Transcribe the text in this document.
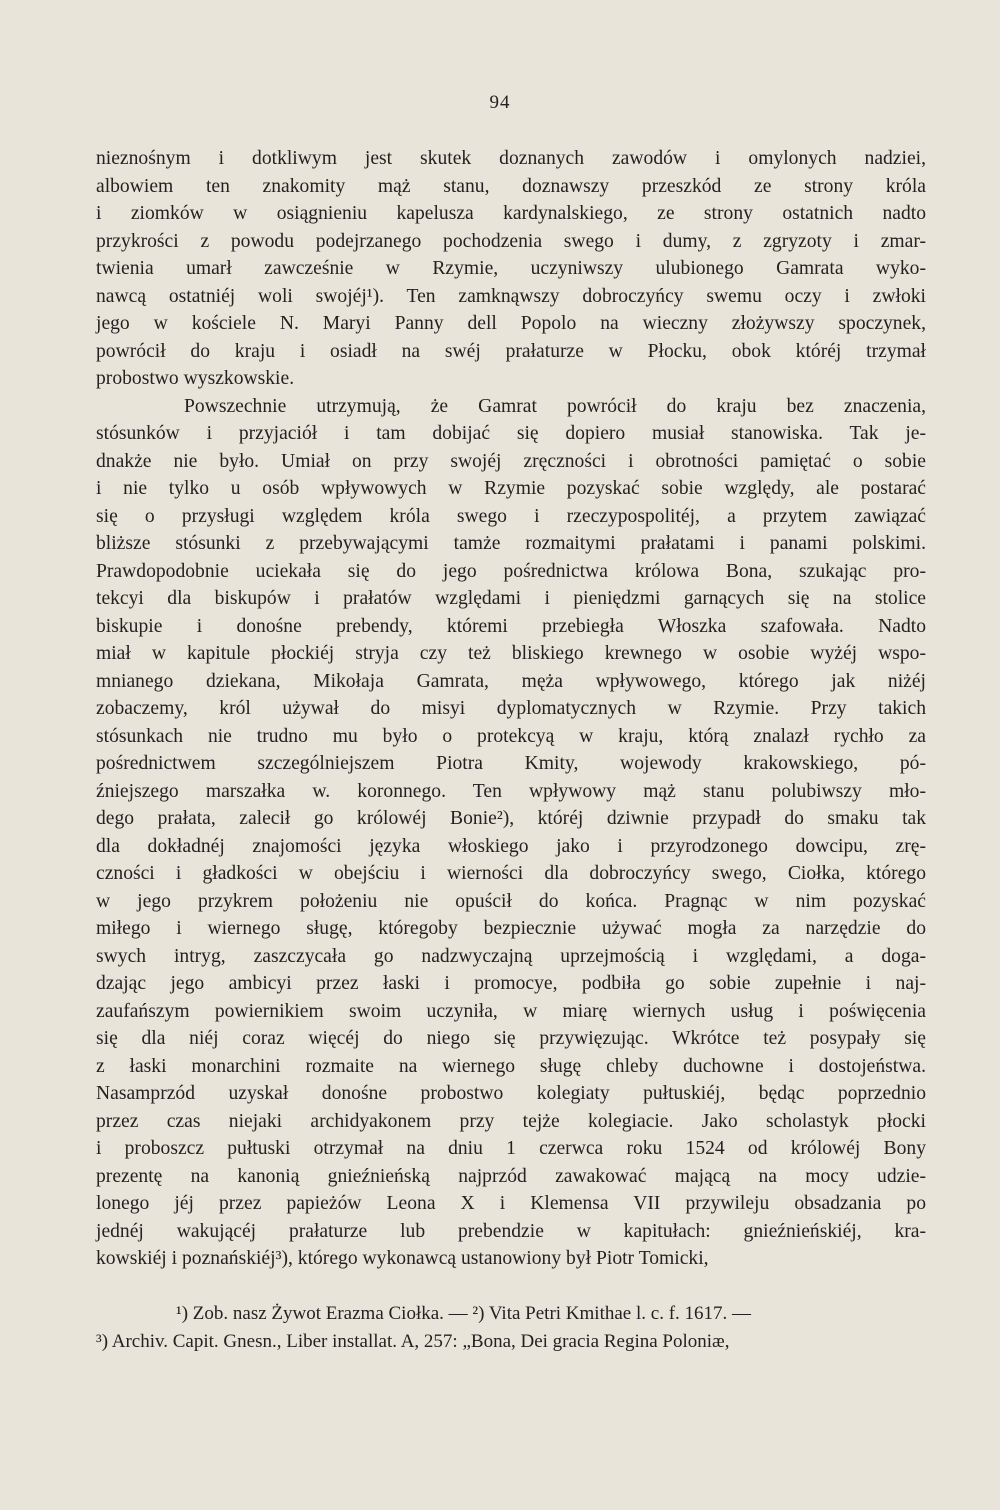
94
nieznośnym i dotkliwym jest skutek doznanych zawodów i omylonych nadziei,
albowiem ten znakomity mąż stanu, doznawszy przeszkód ze strony króla
i ziomków w osiągnieniu kapelusza kardynalskiego, ze strony ostatnich nadto
przykrości z powodu podejrzanego pochodzenia swego i dumy, z zgryzoty i zmar-
twienia umarł zawcześnie w Rzymie, uczyniwszy ulubionego Gamrata wyko-
nawcą ostatniéj woli swojéj¹). Ten zamknąwszy dobroczyńcy swemu oczy i zwłoki
jego w kościele N. Maryi Panny dell Popolo na wieczny złożywszy spoczynek,
powrócił do kraju i osiadł na swéj prałaturze w Płocku, obok któréj trzymał
probostwo wyszkowskie.
Powszechnie utrzymują, że Gamrat powrócił do kraju bez znaczenia,
stósunków i przyjaciół i tam dobijać się dopiero musiał stanowiska. Tak je-
dnakże nie było. Umiał on przy swojéj zręczności i obrotności pamiętać o sobie
i nie tylko u osób wpływowych w Rzymie pozyskać sobie względy, ale postarać
się o przysługi względem króla swego i rzeczypospolitéj, a przytem zawiązać
bliższe stósunki z przebywającymi tamże rozmaitymi prałatami i panami polskimi.
Prawdopodobnie uciekała się do jego pośrednictwa królowa Bona, szukając pro-
tekcyi dla biskupów i prałatów względami i pieniędzmi garnących się na stolice
biskupie i donośne prebendy, któremi przebiegła Włoszka szafowała. Nadto
miał w kapitule płockiéj stryja czy też bliskiego krewnego w osobie wyżéj wspo-
mnianego dziekana, Mikołaja Gamrata, męża wpływowego, którego jak niżéj
zobaczemy, król używał do misyi dyplomatycznych w Rzymie. Przy takich
stósunkach nie trudno mu było o protekcyą w kraju, którą znalazł rychło za
pośrednictwem szczególniejszem Piotra Kmity, wojewody krakowskiego, pó-
źniejszego marszałka w. koronnego. Ten wpływowy mąż stanu polubiwszy mło-
dego prałata, zalecił go królowéj Bonie²), któréj dziwnie przypadł do smaku tak
dla dokładnéj znajomości języka włoskiego jako i przyrodzonego dowcipu, zrę-
czności i gładkości w obejściu i wierności dla dobroczyńcy swego, Ciołka, którego
w jego przykrem położeniu nie opuścił do końca. Pragnąc w nim pozyskać
miłego i wiernego sługę, któregoby bezpiecznie używać mogła za narzędzie do
swych intryg, zaszczycała go nadzwyczajną uprzejmością i względami, a doga-
dzając jego ambicyi przez łaski i promocye, podbiła go sobie zupełnie i naj-
zaufańszym powiernikiem swoim uczyniła, w miarę wiernych usług i poświęcenia
się dla niéj coraz więcéj do niego się przywięzując. Wkrótce też posypały się
z łaski monarchini rozmaite na wiernego sługę chleby duchowne i dostojeństwa.
Nasamprzód uzyskał donośne probostwo kolegiaty pułtuskiéj, będąc poprzednio
przez czas niejaki archidyakonem przy tejże kolegiacie. Jako scholastyk płocki
i proboszcz pułtuski otrzymał na dniu 1 czerwca roku 1524 od królowéj Bony
prezentę na kanonią gnieźnieńską najprzód zawakować mającą na mocy udzie-
lonego jéj przez papieżów Leona X i Klemensa VII przywileju obsadzania po
jednéj wakującéj prałaturze lub prebendzie w kapitułach: gnieźnieńskiéj, kra-
kowskiéj i poznańskiéj³), którego wykonawcą ustanowiony był Piotr Tomicki,
¹) Zob. nasz Żywot Erazma Ciołka. — ²) Vita Petri Kmithae l. c. f. 1617. —
³) Archiv. Capit. Gnesn., Liber installat. A, 257: „Bona, Dei gracia Regina Poloniæ,
